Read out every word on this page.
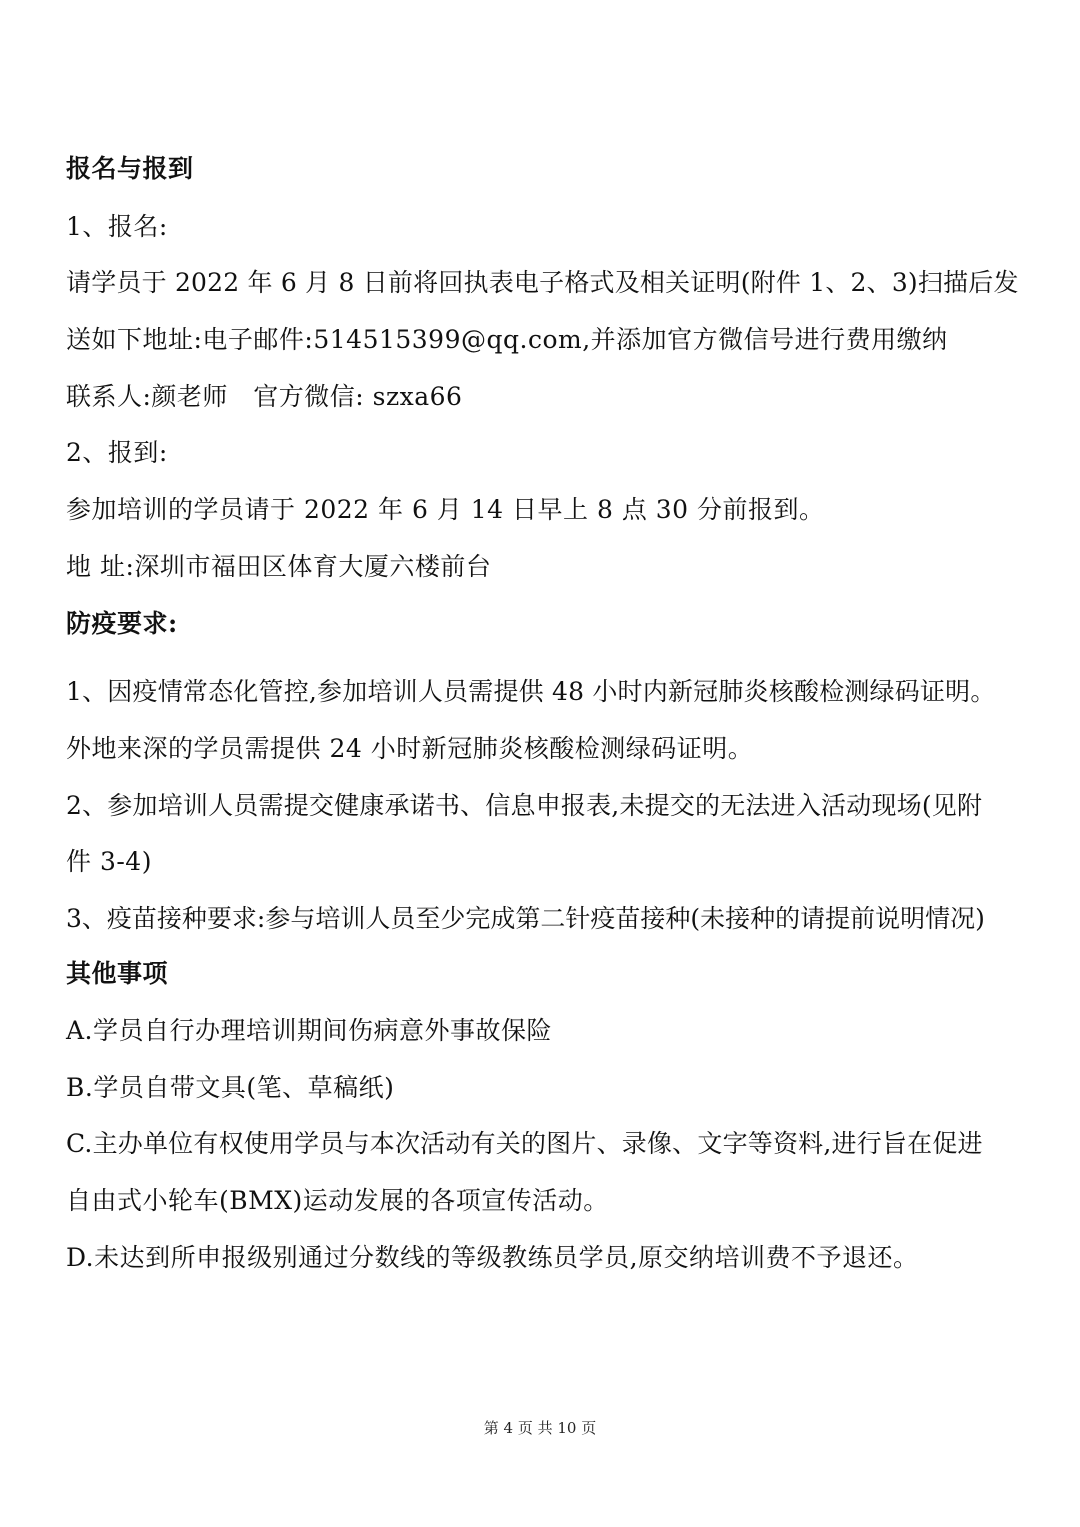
报名与报到
1、报名:
请学员于 2022 年 6 月 8 日前将回执表电子格式及相关证明(附件 1、2、3)扫描后发
送如下地址:电子邮件:514515399@qq.com,并添加官方微信号进行费用缴纳
联系人:颜老师   官方微信: szxa66
2、报到:
参加培训的学员请于 2022 年 6 月 14 日早上 8 点 30 分前报到。
地 址:深圳市福田区体育大厦六楼前台
防疫要求:
1、因疫情常态化管控,参加培训人员需提供 48 小时内新冠肺炎核酸检测绿码证明。
外地来深的学员需提供 24 小时新冠肺炎核酸检测绿码证明。
2、参加培训人员需提交健康承诺书、信息申报表,未提交的无法进入活动现场(见附
件 3-4)
3、疫苗接种要求:参与培训人员至少完成第二针疫苗接种(未接种的请提前说明情况)
其他事项
A.学员自行办理培训期间伤病意外事故保险
B.学员自带文具(笔、草稿纸)
C.主办单位有权使用学员与本次活动有关的图片、录像、文字等资料,进行旨在促进
自由式小轮车(BMX)运动发展的各项宣传活动。
D.未达到所申报级别通过分数线的等级教练员学员,原交纳培训费不予退还。
第 4 页 共 10 页
